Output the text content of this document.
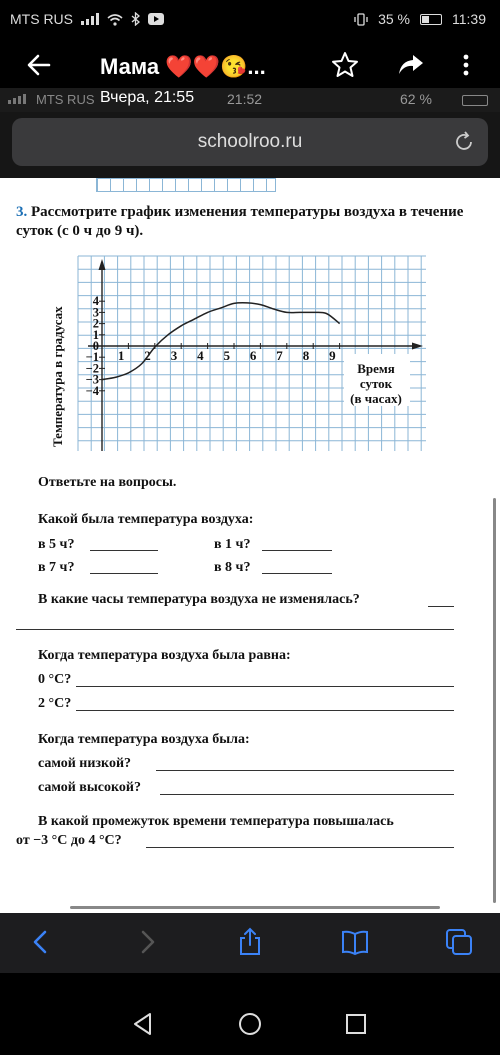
MTS RUS	35 %	11:39
Мама ❤️❤️😘...
MTS RUS Вчера, 21:55 21:52	62 %
schoolroo.ru
3. Рассмотрите график изменения температуры воздуха в течение суток (с 0 ч до 9 ч).
1 2 3 4 5 6 7 8 9
4
3
2
1
0
−1
−2
−3
−4
Температура в градусах	Время
суток
(в часах)
Ответьте на вопросы.
Какой была температура воздуха:
в 5 ч?	в 1 ч?
в 7 ч?	в 8 ч?
В какие часы температура воздуха не изменялась?
Когда температура воздуха была равна:
0 °С?
2 °С?
Когда температура воздуха была:
самой низкой?
самой высокой?
В какой промежуток времени температура повышалась
от −3 °С до 4 °С?
